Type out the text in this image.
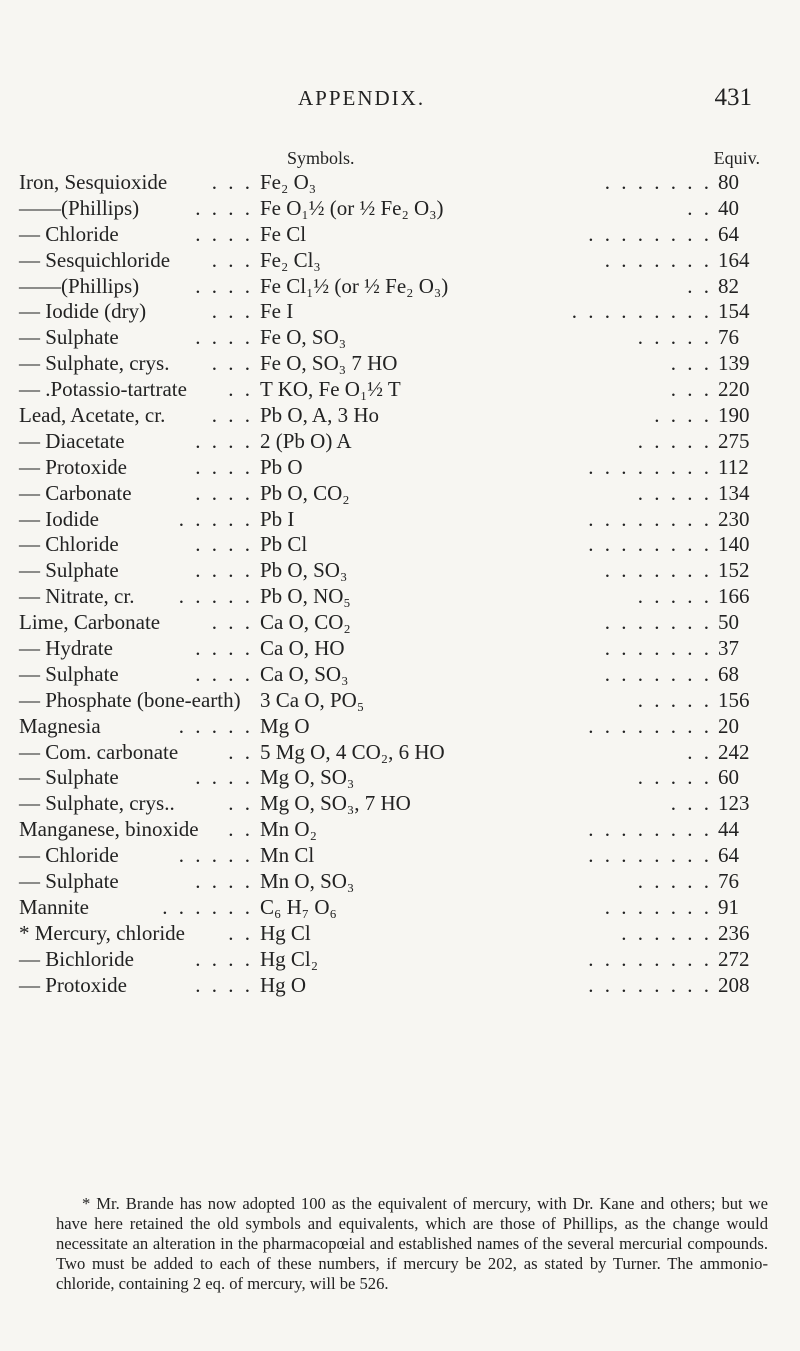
APPENDIX.	431
Symbols.	Equiv.
Iron, Sesquioxide	. . . Fe₂ O₃	. . . . . . . 80
——(Phillips)	. . . . Fe O₁½ (or ½ Fe₂ O₃)	. . 40
— Chloride	. . . . Fe Cl	. . . . . . . . 64
— Sesquichloride	. . . Fe₂ Cl₃	. . . . . . . 164
——(Phillips)	. . . . Fe Cl₁½ (or ½ Fe₂ O₃)	. . 82
— Iodide (dry)	. . . Fe I	. . . . . . . . . 154
— Sulphate	. . . . Fe O, SO₃	. . . . . 76
— Sulphate, crys.	. . . Fe O, SO₃ 7 HO	. . . 139
— .Potassio-tartrate	. . T KO, Fe O₁½ T	. . . 220
Lead, Acetate, cr.	. . . Pb O, A, 3 Ho	. . . . 190
— Diacetate	. . . . 2 (Pb O) A	. . . . . 275
— Protoxide	. . . . Pb O	. . . . . . . . 112
— Carbonate	. . . . Pb O, CO₂	. . . . . 134
— Iodide	. . . . . Pb I	. . . . . . . . 230
— Chloride	. . . . Pb Cl	. . . . . . . . 140
— Sulphate	. . . . Pb O, SO₃	. . . . . . . 152
— Nitrate, cr.	. . . . . Pb O, NO₅	. . . . . 166
Lime, Carbonate	. . . Ca O, CO₂	. . . . . . . 50
— Hydrate	. . . . Ca O, HO	. . . . . . . 37
— Sulphate	. . . . Ca O, SO₃	. . . . . . . 68
— Phosphate (bone-earth) 3 Ca O, PO₅	. . . . . 156
Magnesia	. . . . . Mg O	. . . . . . . . 20
— Com. carbonate	. . 5 Mg O, 4 CO₂, 6 HO	. . 242
— Sulphate	. . . . Mg O, SO₃	. . . . . 60
— Sulphate, crys..	. . Mg O, SO₃, 7 HO	. . . 123
Manganese, binoxide	. . Mn O₂	. . . . . . . . 44
— Chloride	. . . . . Mn Cl	. . . . . . . . 64
— Sulphate	. . . . Mn O, SO₃	. . . . . 76
Mannite	. . . . . . C₆ H₇ O₆	. . . . . . . 91
* Mercury, chloride	. . Hg Cl	. . . . . . 236
— Bichloride	. . . . Hg Cl₂	. . . . . . . . 272
— Protoxide	. . . . Hg O	. . . . . . . . 208
* Mr. Brande has now adopted 100 as the equivalent of mercury, with Dr. Kane and others; but we have here retained the old symbols and equivalents, which are those of Phillips, as the change would necessitate an alteration in the pharmacopœial and established names of the several mercurial compounds. Two must be added to each of these numbers, if mercury be 202, as stated by Turner. The ammonio-chloride, containing 2 eq. of mercury, will be 526.
